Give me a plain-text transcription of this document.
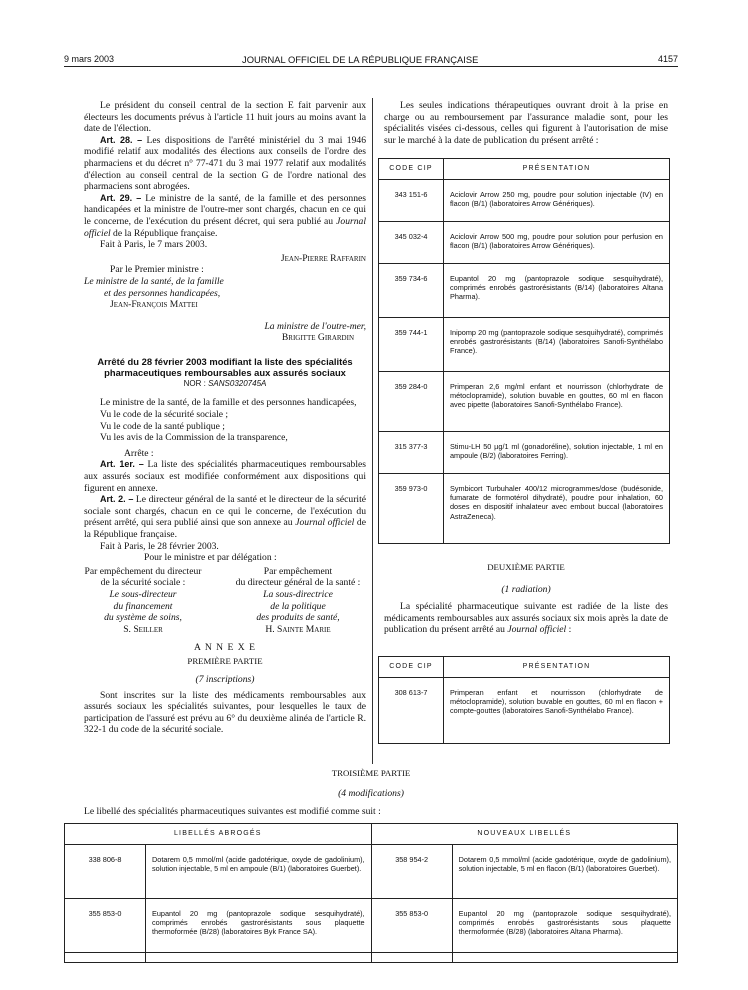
9 mars 2003	JOURNAL OFFICIEL DE LA RÉPUBLIQUE FRANÇAISE	4157

Le président du conseil central de la section E fait parvenir aux électeurs les documents prévus à l'article 11 huit jours au moins avant la date de l'élection.

Art. 28. – Les dispositions de l'arrêté ministériel du 3 mai 1946 modifié relatif aux modalités des élections aux conseils de l'ordre des pharmaciens et du décret n° 77-471 du 3 mai 1977 relatif aux modalités d'élection au conseil central de la section G de l'ordre national des pharmaciens sont abrogées.

Art. 29. – Le ministre de la santé, de la famille et des personnes handicapées et la ministre de l'outre-mer sont chargés, chacun en ce qui le concerne, de l'exécution du présent décret, qui sera publié au Journal officiel de la République française.

Fait à Paris, le 7 mars 2003.

Jean-Pierre Raffarin
Par le Premier ministre :
Le ministre de la santé, de la famille
et des personnes handicapées,
Jean-François Mattei
La ministre de l'outre-mer,
Brigitte Girardin
Arrêté du 28 février 2003 modifiant la liste des spécialités
pharmaceutiques remboursables aux assurés sociaux
NOR : SANS0320745A

Le ministre de la santé, de la famille et des personnes handicapées,

Vu le code de la sécurité sociale ;

Vu le code de la santé publique ;

Vu les avis de la Commission de la transparence,

Arrête :

Art. 1er. – La liste des spécialités pharmaceutiques remboursables aux assurés sociaux est modifiée conformément aux dispositions qui figurent en annexe.

Art. 2. – Le directeur général de la santé et le directeur de la sécurité sociale sont chargés, chacun en ce qui le concerne, de l'exécution du présent arrêté, qui sera publié ainsi que son annexe au Journal officiel de la République française.

Fait à Paris, le 28 février 2003.

Pour le ministre et par délégation :
Par empêchement du directeur
de la sécurité sociale :
Le sous-directeur
du financement
du système de soins,
S. Seiller
Par empêchement
du directeur général de la santé :
La sous-directrice
de la politique
des produits de santé,
H. Sainte Marie
A N N E X E
PREMIÈRE PARTIE
(7 inscriptions)

Sont inscrites sur la liste des médicaments remboursables aux assurés sociaux les spécialités suivantes, pour lesquelles le taux de participation de l'assuré est prévu au 6° du deuxième alinéa de l'article R. 322-1 du code de la sécurité sociale.

Les seules indications thérapeutiques ouvrant droit à la prise en charge ou au remboursement par l'assurance maladie sont, pour les spécialités visées ci-dessous, celles qui figurent à l'autorisation de mise sur le marché à la date de publication du présent arrêté :

CODE CIP	PRÉSENTATION
343 151-6	Aciclovir Arrow 250 mg, poudre pour solution injectable (IV) en flacon (B/1) (laboratoires Arrow Génériques).
345 032-4	Aciclovir Arrow 500 mg, poudre pour solution pour perfusion en flacon (B/1) (laboratoires Arrow Génériques).
359 734-6	Eupantol 20 mg (pantoprazole sodique sesquihydraté), comprimés enrobés gastrorésistants (B/14) (laboratoires Altana Pharma).
359 744-1	Inipomp 20 mg (pantoprazole sodique sesquihydraté), comprimés enrobés gastrorésistants (B/14) (laboratoires Sanofi-Synthélabo France).
359 284-0	Primperan 2,6 mg/ml enfant et nourrisson (chlorhydrate de métoclopramide), solution buvable en gouttes, 60 ml en flacon avec pipette (laboratoires Sanofi-Synthélabo France).
315 377-3	Stimu-LH 50 µg/1 ml (gonadoréline), solution injectable, 1 ml en ampoule (B/2) (laboratoires Ferring).
359 973-0	Symbicort Turbuhaler 400/12 microgrammes/dose (budésonide, fumarate de formotérol dihydraté), poudre pour inhalation, 60 doses en dispositif inhalateur avec embout buccal (laboratoires AstraZeneca).
DEUXIÈME PARTIE
(1 radiation)

La spécialité pharmaceutique suivante est radiée de la liste des médicaments remboursables aux assurés sociaux six mois après la date de publication du présent arrêté au Journal officiel :

CODE CIP	PRÉSENTATION
308 613-7	Primperan enfant et nourrisson (chlorhydrate de métoclopramide), solution buvable en gouttes, 60 ml en flacon + compte-gouttes (laboratoires Sanofi-Synthélabo France).
TROISIÈME PARTIE
(4 modifications)
Le libellé des spécialités pharmaceutiques suivantes est modifié comme suit :
LIBELLÉS ABROGÉS		NOUVEAUX LIBELLÉS	
338 806-8	Dotarem 0,5 mmol/ml (acide gadotérique, oxyde de gadolinium), solution injectable, 5 ml en ampoule (B/1) (laboratoires Guerbet).	358 954-2	Dotarem 0,5 mmol/ml (acide gadotérique, oxyde de gadolinium), solution injectable, 5 ml en flacon (B/1) (laboratoires Guerbet).
355 853-0	Eupantol 20 mg (pantoprazole sodique sesquihydraté), comprimés enrobés gastrorésistants sous plaquette thermoformée (B/28) (laboratoires Byk France SA).	355 853-0	Eupantol 20 mg (pantoprazole sodique sesquihydraté), comprimés enrobés gastrorésistants sous plaquette thermoformée (B/28) (laboratoires Altana Pharma).
